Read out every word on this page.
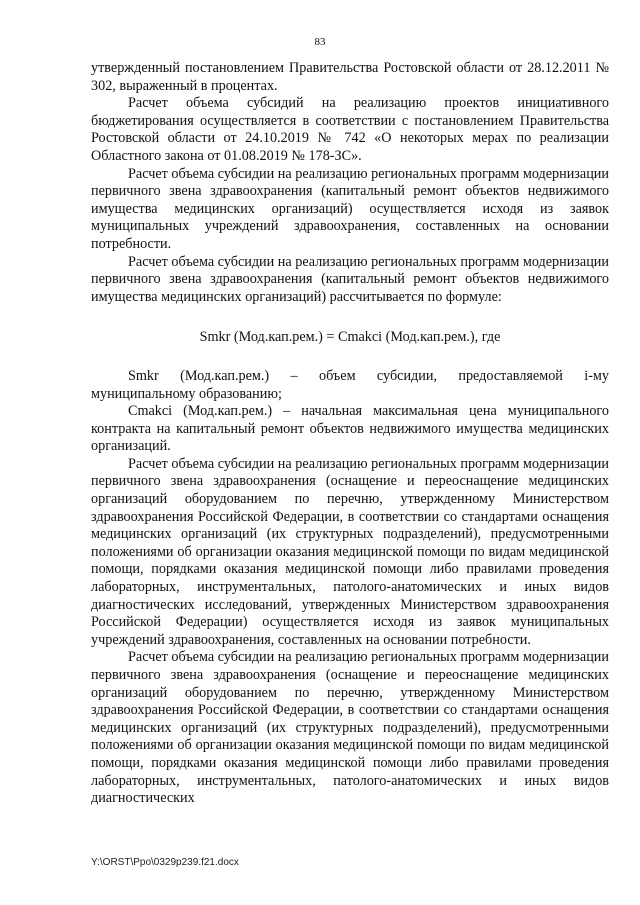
83

утвержденный постановлением Правительства Ростовской области от 28.12.2011 № 302, выраженный в процентах.

Расчет объема субсидий на реализацию проектов инициативного бюджетирования осуществляется в соответствии с постановлением Правительства Ростовской области от 24.10.2019 № 742 «О некоторых мерах по реализации Областного закона от 01.08.2019 № 178-ЗС».

Расчет объема субсидии на реализацию региональных программ модернизации первичного звена здравоохранения (капитальный ремонт объектов недвижимого имущества медицинских организаций) осуществляется исходя из заявок муниципальных учреждений здравоохранения, составленных на основании потребности.

Расчет объема субсидии на реализацию региональных программ модернизации первичного звена здравоохранения (капитальный ремонт объектов недвижимого имущества медицинских организаций) рассчитывается по формуле:

Smkr (Мод.кап.рем.) = Cmakci (Мод.кап.рем.), где

Smkr (Мод.кап.рем.) – объем субсидии, предоставляемой i-му муниципальному образованию;

Cmakci (Мод.кап.рем.) – начальная максимальная цена муниципального контракта на капитальный ремонт объектов недвижимого имущества медицинских организаций.

Расчет объема субсидии на реализацию региональных программ модернизации первичного звена здравоохранения (оснащение и переоснащение медицинских организаций оборудованием по перечню, утвержденному Министерством здравоохранения Российской Федерации, в соответствии со стандартами оснащения медицинских организаций (их структурных подразделений), предусмотренными положениями об организации оказания медицинской помощи по видам медицинской помощи, порядками оказания медицинской помощи либо правилами проведения лабораторных, инструментальных, патолого-анатомических и иных видов диагностических исследований, утвержденных Министерством здравоохранения Российской Федерации) осуществляется исходя из заявок муниципальных учреждений здравоохранения, составленных на основании потребности.

Расчет объема субсидии на реализацию региональных программ модернизации первичного звена здравоохранения (оснащение и переоснащение медицинских организаций оборудованием по перечню, утвержденному Министерством здравоохранения Российской Федерации, в соответствии со стандартами оснащения медицинских организаций (их структурных подразделений), предусмотренными положениями об организации оказания медицинской помощи по видам медицинской помощи, порядками оказания медицинской помощи либо правилами проведения лабораторных, инструментальных, патолого-анатомических и иных видов диагностических

Y:\ORST\Ppo\0329p239.f21.docx
